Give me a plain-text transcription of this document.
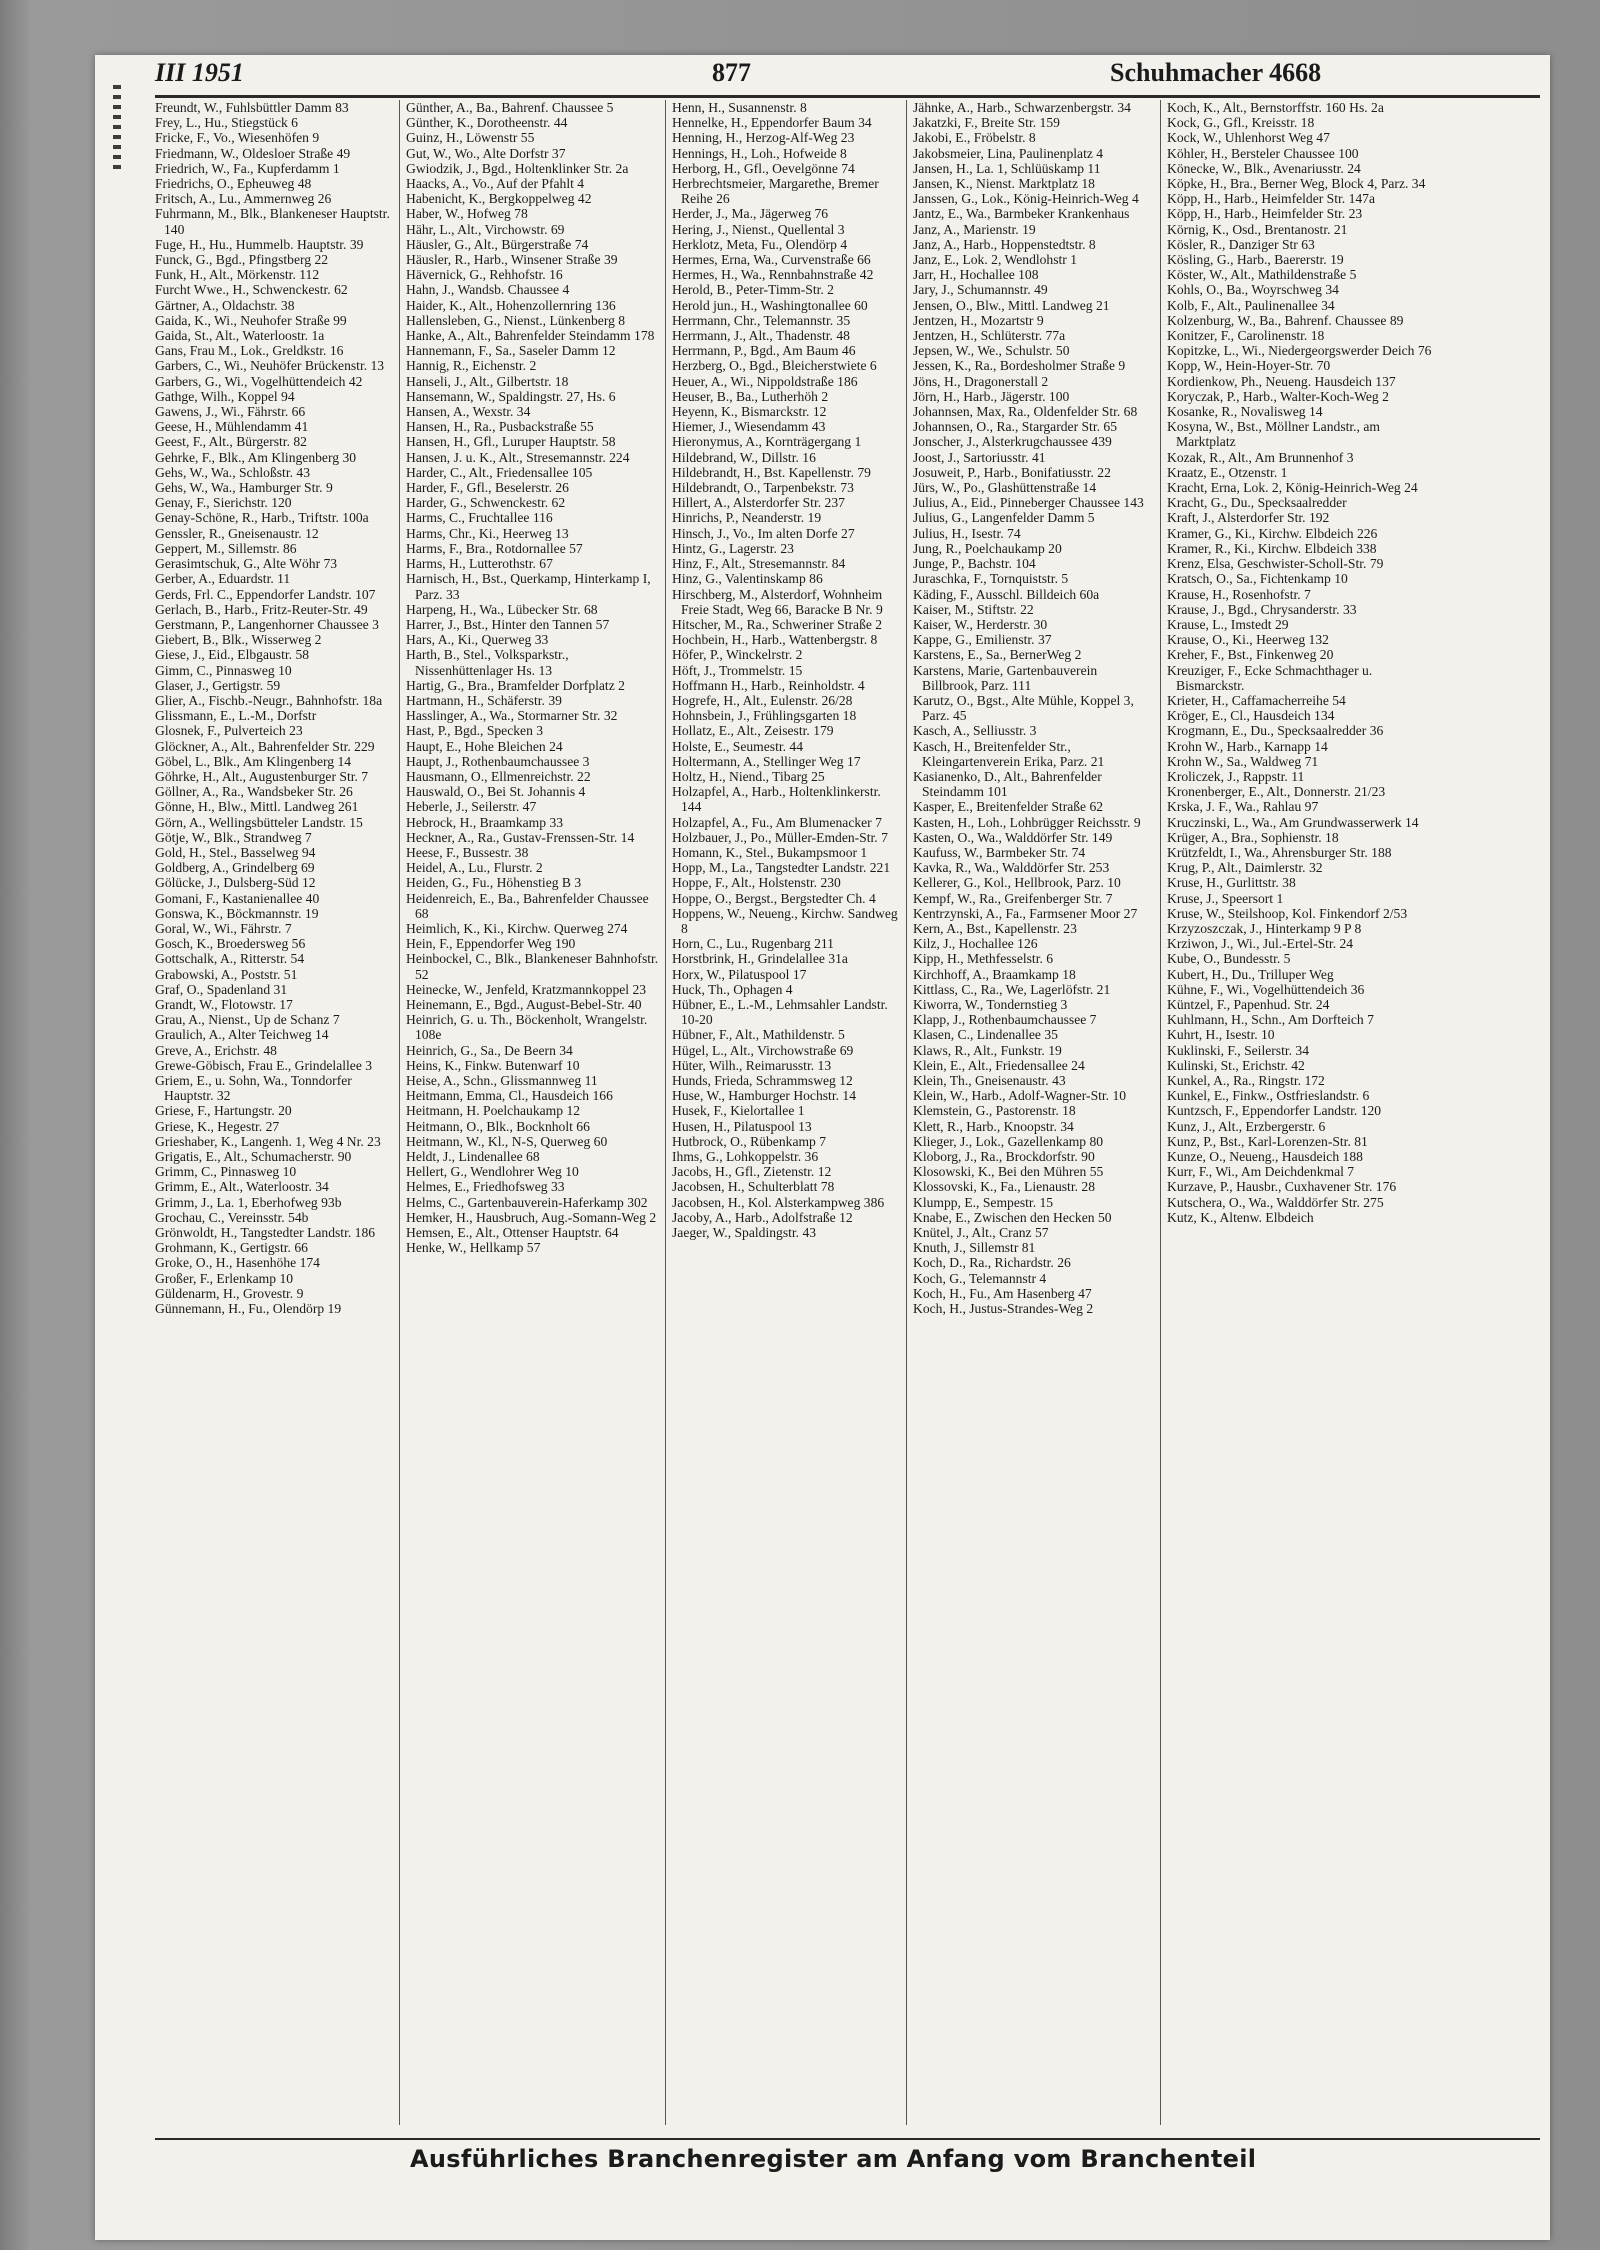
III 1951	877	Schuhmacher 4668
Freundt, W., Fuhlsbüttler Damm 83
Frey, L., Hu., Stiegstück 6
Fricke, F., Vo., Wiesenhöfen 9
Friedmann, W., Oldesloer Straße 49
Friedrich, W., Fa., Kupferdamm 1
Friedrichs, O., Epheuweg 48
Fritsch, A., Lu., Ammernweg 26
Fuhrmann, M., Blk., Blankeneser Hauptstr. 140
Fuge, H., Hu., Hummelb. Hauptstr. 39
Funck, G., Bgd., Pfingstberg 22
Funk, H., Alt., Mörkenstr. 112
Furcht Wwe., H., Schwenckestr. 62
Gärtner, A., Oldachstr. 38
Gaida, K., Wi., Neuhofer Straße 99
Gaida, St., Alt., Waterloostr. 1a
Gans, Frau M., Lok., Greldkstr. 16
Garbers, C., Wi., Neuhöfer Brückenstr. 13
Garbers, G., Wi., Vogelhüttendeich 42
Gathge, Wilh., Koppel 94
Gawens, J., Wi., Fährstr. 66
Geese, H., Mühlendamm 41
Geest, F., Alt., Bürgerstr. 82
Gehrke, F., Blk., Am Klingenberg 30
Gehs, W., Wa., Schloßstr. 43
Gehs, W., Wa., Hamburger Str. 9
Genay, F., Sierichstr. 120
Genay-Schöne, R., Harb., Triftstr. 100a
Genssler, R., Gneisenaustr. 12
Geppert, M., Sillemstr. 86
Gerasimtschuk, G., Alte Wöhr 73
Gerber, A., Eduardstr. 11
Gerds, Frl. C., Eppendorfer Landstr. 107
Gerlach, B., Harb., Fritz-Reuter-Str. 49
Gerstmann, P., Langenhorner Chaussee 3
Giebert, B., Blk., Wisserweg 2
Giese, J., Eid., Elbgaustr. 58
Gimm, C., Pinnasweg 10
Glaser, J., Gertigstr. 59
Glier, A., Fischb.-Neugr., Bahnhofstr. 18a
Glissmann, E., L.-M., Dorfstr
Glosnek, F., Pulverteich 23
Glöckner, A., Alt., Bahrenfelder Str. 229
Göbel, L., Blk., Am Klingenberg 14
Göhrke, H., Alt., Augustenburger Str. 7
Göllner, A., Ra., Wandsbeker Str. 26
Gönne, H., Blw., Mittl. Landweg 261
Görn, A., Wellingsbütteler Landstr. 15
Götje, W., Blk., Strandweg 7
Gold, H., Stel., Basselweg 94
Goldberg, A., Grindelberg 69
Gölücke, J., Dulsberg-Süd 12
Gomani, F., Kastanienallee 40
Gonswa, K., Böckmannstr. 19
Goral, W., Wi., Fährstr. 7
Gosch, K., Broedersweg 56
Gottschalk, A., Ritterstr. 54
Grabowski, A., Poststr. 51
Graf, O., Spadenland 31
Grandt, W., Flotowstr. 17
Grau, A., Nienst., Up de Schanz 7
Graulich, A., Alter Teichweg 14
Greve, A., Erichstr. 48
Grewe-Göbisch, Frau E., Grindelallee 3
Griem, E., u. Sohn, Wa., Tonndorfer Hauptstr. 32
Griese, F., Hartungstr. 20
Griese, K., Hegestr. 27
Grieshaber, K., Langenh. 1, Weg 4 Nr. 23
Grigatis, E., Alt., Schumacherstr. 90
Grimm, C., Pinnasweg 10
Grimm, E., Alt., Waterloostr. 34
Grimm, J., La. 1, Eberhofweg 93b
Grochau, C., Vereinsstr. 54b
Grönwoldt, H., Tangstedter Landstr. 186
Grohmann, K., Gertigstr. 66
Groke, O., H., Hasenhöhe 174
Großer, F., Erlenkamp 10
Güldenarm, H., Grovestr. 9
Günnemann, H., Fu., Olendörp 19
Günther, A., Ba., Bahrenf. Chaussee 5
Günther, K., Dorotheenstr. 44
Guinz, H., Löwenstr 55
Gut, W., Wo., Alte Dorfstr 37
Gwiodzik, J., Bgd., Holtenklinker Str. 2a
Haacks, A., Vo., Auf der Pfahlt 4
Habenicht, K., Bergkoppelweg 42
Haber, W., Hofweg 78
Hähr, L., Alt., Virchowstr. 69
Häusler, G., Alt., Bürgerstraße 74
Häusler, R., Harb., Winsener Straße 39
Hävernick, G., Rehhofstr. 16
Hahn, J., Wandsb. Chaussee 4
Haider, K., Alt., Hohenzollernring 136
Hallensleben, G., Nienst., Lünkenberg 8
Hanke, A., Alt., Bahrenfelder Steindamm 178
Hannemann, F., Sa., Saseler Damm 12
Hannig, R., Eichenstr. 2
Hanseli, J., Alt., Gilbertstr. 18
Hansemann, W., Spaldingstr. 27, Hs. 6
Hansen, A., Wexstr. 34
Hansen, H., Ra., Pusbackstraße 55
Hansen, H., Gfl., Luruper Hauptstr. 58
Hansen, J. u. K., Alt., Stresemannstr. 224
Harder, C., Alt., Friedensallee 105
Harder, F., Gfl., Beselerstr. 26
Harder, G., Schwenckestr. 62
Harms, C., Fruchtallee 116
Harms, Chr., Ki., Heerweg 13
Harms, F., Bra., Rotdornallee 57
Harms, H., Lutterothstr. 67
Harnisch, H., Bst., Querkamp, Hinterkamp I, Parz. 33
Harpeng, H., Wa., Lübecker Str. 68
Harrer, J., Bst., Hinter den Tannen 57
Hars, A., Ki., Querweg 33
Harth, B., Stel., Volksparkstr., Nissenhüttenlager Hs. 13
Hartig, G., Bra., Bramfelder Dorfplatz 2
Hartmann, H., Schäferstr. 39
Hasslinger, A., Wa., Stormarner Str. 32
Hast, P., Bgd., Specken 3
Haupt, E., Hohe Bleichen 24
Haupt, J., Rothenbaumchaussee 3
Hausmann, O., Ellmenreichstr. 22
Hauswald, O., Bei St. Johannis 4
Heberle, J., Seilerstr. 47
Hebrock, H., Braamkamp 33
Heckner, A., Ra., Gustav-Frenssen-Str. 14
Heese, F., Bussestr. 38
Heidel, A., Lu., Flurstr. 2
Heiden, G., Fu., Höhenstieg B 3
Heidenreich, E., Ba., Bahrenfelder Chaussee 68
Heimlich, K., Ki., Kirchw. Querweg 274
Hein, F., Eppendorfer Weg 190
Heinbockel, C., Blk., Blankeneser Bahnhofstr. 52
Heinecke, W., Jenfeld, Kratzmannkoppel 23
Heinemann, E., Bgd., August-Bebel-Str. 40
Heinrich, G. u. Th., Böckenholt, Wrangelstr. 108e
Heinrich, G., Sa., De Beern 34
Heins, K., Finkw. Butenwarf 10
Heise, A., Schn., Glissmannweg 11
Heitmann, Emma, Cl., Hausdeich 166
Heitmann, H. Poelchaukamp 12
Heitmann, O., Blk., Bocknholt 66
Heitmann, W., Kl., N-S, Querweg 60
Heldt, J., Lindenallee 68
Hellert, G., Wendlohrer Weg 10
Helmes, E., Friedhofsweg 33
Helms, C., Gartenbauverein-Haferkamp 302
Hemker, H., Hausbruch, Aug.-Somann-Weg 2
Hemsen, E., Alt., Ottenser Hauptstr. 64
Henke, W., Hellkamp 57
Henn, H., Susannenstr. 8
Hennelke, H., Eppendorfer Baum 34
Henning, H., Herzog-Alf-Weg 23
Hennings, H., Loh., Hofweide 8
Herborg, H., Gfl., Oevelgönne 74
Herbrechtsmeier, Margarethe, Bremer Reihe 26
Herder, J., Ma., Jägerweg 76
Hering, J., Nienst., Quellental 3
Herklotz, Meta, Fu., Olendörp 4
Hermes, Erna, Wa., Curvenstraße 66
Hermes, H., Wa., Rennbahnstraße 42
Herold, B., Peter-Timm-Str. 2
Herold jun., H., Washingtonallee 60
Herrmann, Chr., Telemannstr. 35
Herrmann, J., Alt., Thadenstr. 48
Herrmann, P., Bgd., Am Baum 46
Herzberg, O., Bgd., Bleicherstwiete 6
Heuer, A., Wi., Nippoldstraße 186
Heuser, B., Ba., Lutherhöh 2
Heyenn, K., Bismarckstr. 12
Hiemer, J., Wiesendamm 43
Hieronymus, A., Kornträgergang 1
Hildebrand, W., Dillstr. 16
Hildebrandt, H., Bst. Kapellenstr. 79
Hildebrandt, O., Tarpenbekstr. 73
Hillert, A., Alsterdorfer Str. 237
Hinrichs, P., Neanderstr. 19
Hinsch, J., Vo., Im alten Dorfe 27
Hintz, G., Lagerstr. 23
Hinz, F., Alt., Stresemannstr. 84
Hinz, G., Valentinskamp 86
Hirschberg, M., Alsterdorf, Wohnheim Freie Stadt, Weg 66, Baracke B Nr. 9
Hitscher, M., Ra., Schweriner Straße 2
Hochbein, H., Harb., Wattenbergstr. 8
Höfer, P., Winckelrstr. 2
Höft, J., Trommelstr. 15
Hoffmann H., Harb., Reinholdstr. 4
Hogrefe, H., Alt., Eulenstr. 26/28
Hohnsbein, J., Frühlingsgarten 18
Hollatz, E., Alt., Zeisestr. 179
Holste, E., Seumestr. 44
Holtermann, A., Stellinger Weg 17
Holtz, H., Niend., Tibarg 25
Holzapfel, A., Harb., Holtenklinkerstr. 144
Holzapfel, A., Fu., Am Blumenacker 7
Holzbauer, J., Po., Müller-Emden-Str. 7
Homann, K., Stel., Bukampsmoor 1
Hopp, M., La., Tangstedter Landstr. 221
Hoppe, F., Alt., Holstenstr. 230
Hoppe, O., Bergst., Bergstedter Ch. 4
Hoppens, W., Neueng., Kirchw. Sandweg 8
Horn, C., Lu., Rugenbarg 211
Horstbrink, H., Grindelallee 31a
Horx, W., Pilatuspool 17
Huck, Th., Ophagen 4
Hübner, E., L.-M., Lehmsahler Landstr. 10-20
Hübner, F., Alt., Mathildenstr. 5
Hügel, L., Alt., Virchowstraße 69
Hüter, Wilh., Reimarusstr. 13
Hunds, Frieda, Schrammsweg 12
Huse, W., Hamburger Hochstr. 14
Husek, F., Kielortallee 1
Husen, H., Pilatuspool 13
Hutbrock, O., Rübenkamp 7
Ihms, G., Lohkoppelstr. 36
Jacobs, H., Gfl., Zietenstr. 12
Jacobsen, H., Schulterblatt 78
Jacobsen, H., Kol. Alsterkampweg 386
Jacoby, A., Harb., Adolfstraße 12
Jaeger, W., Spaldingstr. 43
Jähnke, A., Harb., Schwarzenbergstr. 34
Jakatzki, F., Breite Str. 159
Jakobi, E., Fröbelstr. 8
Jakobsmeier, Lina, Paulinenplatz 4
Jansen, H., La. 1, Schlüüskamp 11
Jansen, K., Nienst. Marktplatz 18
Janssen, G., Lok., König-Heinrich-Weg 4
Jantz, E., Wa., Barmbeker Krankenhaus
Janz, A., Marienstr. 19
Janz, A., Harb., Hoppenstedtstr. 8
Janz, E., Lok. 2, Wendlohstr 1
Jarr, H., Hochallee 108
Jary, J., Schumannstr. 49
Jensen, O., Blw., Mittl. Landweg 21
Jentzen, H., Mozartstr 9
Jentzen, H., Schlüterstr. 77a
Jepsen, W., We., Schulstr. 50
Jessen, K., Ra., Bordesholmer Straße 9
Jöns, H., Dragonerstall 2
Jörn, H., Harb., Jägerstr. 100
Johannsen, Max, Ra., Oldenfelder Str. 68
Johannsen, O., Ra., Stargarder Str. 65
Jonscher, J., Alsterkrugchaussee 439
Joost, J., Sartoriusstr. 41
Josuweit, P., Harb., Bonifatiusstr. 22
Jürs, W., Po., Glashüttenstraße 14
Julius, A., Eid., Pinneberger Chaussee 143
Julius, G., Langenfelder Damm 5
Julius, H., Isestr. 74
Jung, R., Poelchaukamp 20
Junge, P., Bachstr. 104
Juraschka, F., Tornquiststr. 5
Käding, F., Ausschl. Billdeich 60a
Kaiser, M., Stiftstr. 22
Kaiser, W., Herderstr. 30
Kappe, G., Emilienstr. 37
Karstens, E., Sa., BernerWeg 2
Karstens, Marie, Gartenbauverein Billbrook, Parz. 111
Karutz, O., Bgst., Alte Mühle, Koppel 3, Parz. 45
Kasch, A., Selliusstr. 3
Kasch, H., Breitenfelder Str., Kleingartenverein Erika, Parz. 21
Kasianenko, D., Alt., Bahrenfelder Steindamm 101
Kasper, E., Breitenfelder Straße 62
Kasten, H., Loh., Lohbrügger Reichsstr. 9
Kasten, O., Wa., Walddörfer Str. 149
Kaufuss, W., Barmbeker Str. 74
Kavka, R., Wa., Walddörfer Str. 253
Kellerer, G., Kol., Hellbrook, Parz. 10
Kempf, W., Ra., Greifenberger Str. 7
Kentrzynski, A., Fa., Farmsener Moor 27
Kern, A., Bst., Kapellenstr. 23
Kilz, J., Hochallee 126
Kipp, H., Methfesselstr. 6
Kirchhoff, A., Braamkamp 18
Kittlass, C., Ra., We, Lagerlöfstr. 21
Kiworra, W., Tondernstieg 3
Klapp, J., Rothenbaumchaussee 7
Klasen, C., Lindenallee 35
Klaws, R., Alt., Funkstr. 19
Klein, E., Alt., Friedensallee 24
Klein, Th., Gneisenaustr. 43
Klein, W., Harb., Adolf-Wagner-Str. 10
Klemstein, G., Pastorenstr. 18
Klett, R., Harb., Knoopstr. 34
Klieger, J., Lok., Gazellenkamp 80
Kloborg, J., Ra., Brockdorfstr. 90
Klosowski, K., Bei den Mühren 55
Klossovski, K., Fa., Lienaustr. 28
Klumpp, E., Sempestr. 15
Knabe, E., Zwischen den Hecken 50
Knütel, J., Alt., Cranz 57
Knuth, J., Sillemstr 81
Koch, D., Ra., Richardstr. 26
Koch, G., Telemannstr 4
Koch, H., Fu., Am Hasenberg 47
Koch, H., Justus-Strandes-Weg 2
Koch, K., Alt., Bernstorffstr. 160 Hs. 2a
Kock, G., Gfl., Kreisstr. 18
Kock, W., Uhlenhorst Weg 47
Köhler, H., Bersteler Chaussee 100
Könecke, W., Blk., Avenariusstr. 24
Köpke, H., Bra., Berner Weg, Block 4, Parz. 34
Köpp, H., Harb., Heimfelder Str. 147a
Köpp, H., Harb., Heimfelder Str. 23
Körnig, K., Osd., Brentanostr. 21
Kösler, R., Danziger Str 63
Kösling, G., Harb., Baererstr. 19
Köster, W., Alt., Mathildenstraße 5
Kohls, O., Ba., Woyrschweg 34
Kolb, F., Alt., Paulinenallee 34
Kolzenburg, W., Ba., Bahrenf. Chaussee 89
Konitzer, F., Carolinenstr. 18
Kopitzke, L., Wi., Niedergeorgswerder Deich 76
Kopp, W., Hein-Hoyer-Str. 70
Kordienkow, Ph., Neueng. Hausdeich 137
Koryczak, P., Harb., Walter-Koch-Weg 2
Kosanke, R., Novalisweg 14
Kosyna, W., Bst., Möllner Landstr., am Marktplatz
Kozak, R., Alt., Am Brunnenhof 3
Kraatz, E., Otzenstr. 1
Kracht, Erna, Lok. 2, König-Heinrich-Weg 24
Kracht, G., Du., Specksaalredder
Kraft, J., Alsterdorfer Str. 192
Kramer, G., Ki., Kirchw. Elbdeich 226
Kramer, R., Ki., Kirchw. Elbdeich 338
Krenz, Elsa, Geschwister-Scholl-Str. 79
Kratsch, O., Sa., Fichtenkamp 10
Krause, H., Rosenhofstr. 7
Krause, J., Bgd., Chrysanderstr. 33
Krause, L., Imstedt 29
Krause, O., Ki., Heerweg 132
Kreher, F., Bst., Finkenweg 20
Kreuziger, F., Ecke Schmachthager u. Bismarckstr.
Krieter, H., Caffamacherreihe 54
Kröger, E., Cl., Hausdeich 134
Krogmann, E., Du., Specksaalredder 36
Krohn W., Harb., Karnapp 14
Krohn W., Sa., Waldweg 71
Kroliczek, J., Rappstr. 11
Kronenberger, E., Alt., Donnerstr. 21/23
Krska, J. F., Wa., Rahlau 97
Kruczinski, L., Wa., Am Grundwasserwerk 14
Krüger, A., Bra., Sophienstr. 18
Krützfeldt, I., Wa., Ahrensburger Str. 188
Krug, P., Alt., Daimlerstr. 32
Kruse, H., Gurlittstr. 38
Kruse, J., Speersort 1
Kruse, W., Steilshoop, Kol. Finkendorf 2/53
Krzyzoszczak, J., Hinterkamp 9 P 8
Krziwon, J., Wi., Jul.-Ertel-Str. 24
Kube, O., Bundesstr. 5
Kubert, H., Du., Trilluper Weg
Kühne, F., Wi., Vogelhüttendeich 36
Küntzel, F., Papenhud. Str. 24
Kuhlmann, H., Schn., Am Dorfteich 7
Kuhrt, H., Isestr. 10
Kuklinski, F., Seilerstr. 34
Kulinski, St., Erichstr. 42
Kunkel, A., Ra., Ringstr. 172
Kunkel, E., Finkw., Ostfrieslandstr. 6
Kuntzsch, F., Eppendorfer Landstr. 120
Kunz, J., Alt., Erzbergerstr. 6
Kunz, P., Bst., Karl-Lorenzen-Str. 81
Kunze, O., Neueng., Hausdeich 188
Kurr, F., Wi., Am Deichdenkmal 7
Kurzave, P., Hausbr., Cuxhavener Str. 176
Kutschera, O., Wa., Walddörfer Str. 275
Kutz, K., Altenw. Elbdeich
Ausführliches Branchenregister am Anfang vom Branchenteil
